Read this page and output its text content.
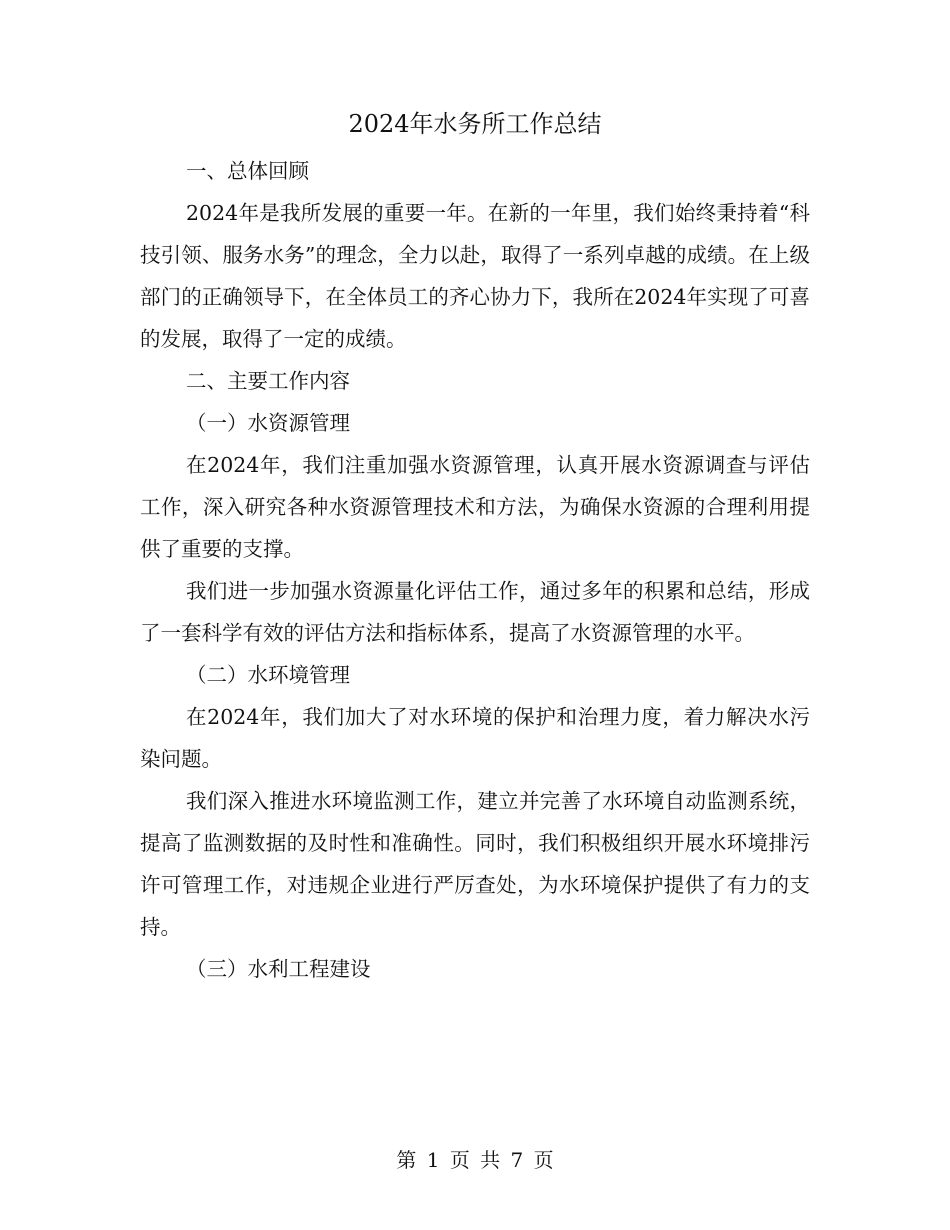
2024年水务所工作总结

一、总体回顾

2024年是我所发展的重要一年。在新的一年里，我们始终秉持着“科技引领、服务水务”的理念，全力以赴，取得了一系列卓越的成绩。在上级部门的正确领导下，在全体员工的齐心协力下，我所在2024年实现了可喜的发展，取得了一定的成绩。

二、主要工作内容

（一）水资源管理

在2024年，我们注重加强水资源管理，认真开展水资源调查与评估工作，深入研究各种水资源管理技术和方法，为确保水资源的合理利用提供了重要的支撑。

我们进一步加强水资源量化评估工作，通过多年的积累和总结，形成了一套科学有效的评估方法和指标体系，提高了水资源管理的水平。

（二）水环境管理

在2024年，我们加大了对水环境的保护和治理力度，着力解决水污染问题。

我们深入推进水环境监测工作，建立并完善了水环境自动监测系统，提高了监测数据的及时性和准确性。同时，我们积极组织开展水环境排污许可管理工作，对违规企业进行严厉查处，为水环境保护提供了有力的支持。

（三）水利工程建设

第 1 页 共 7 页
